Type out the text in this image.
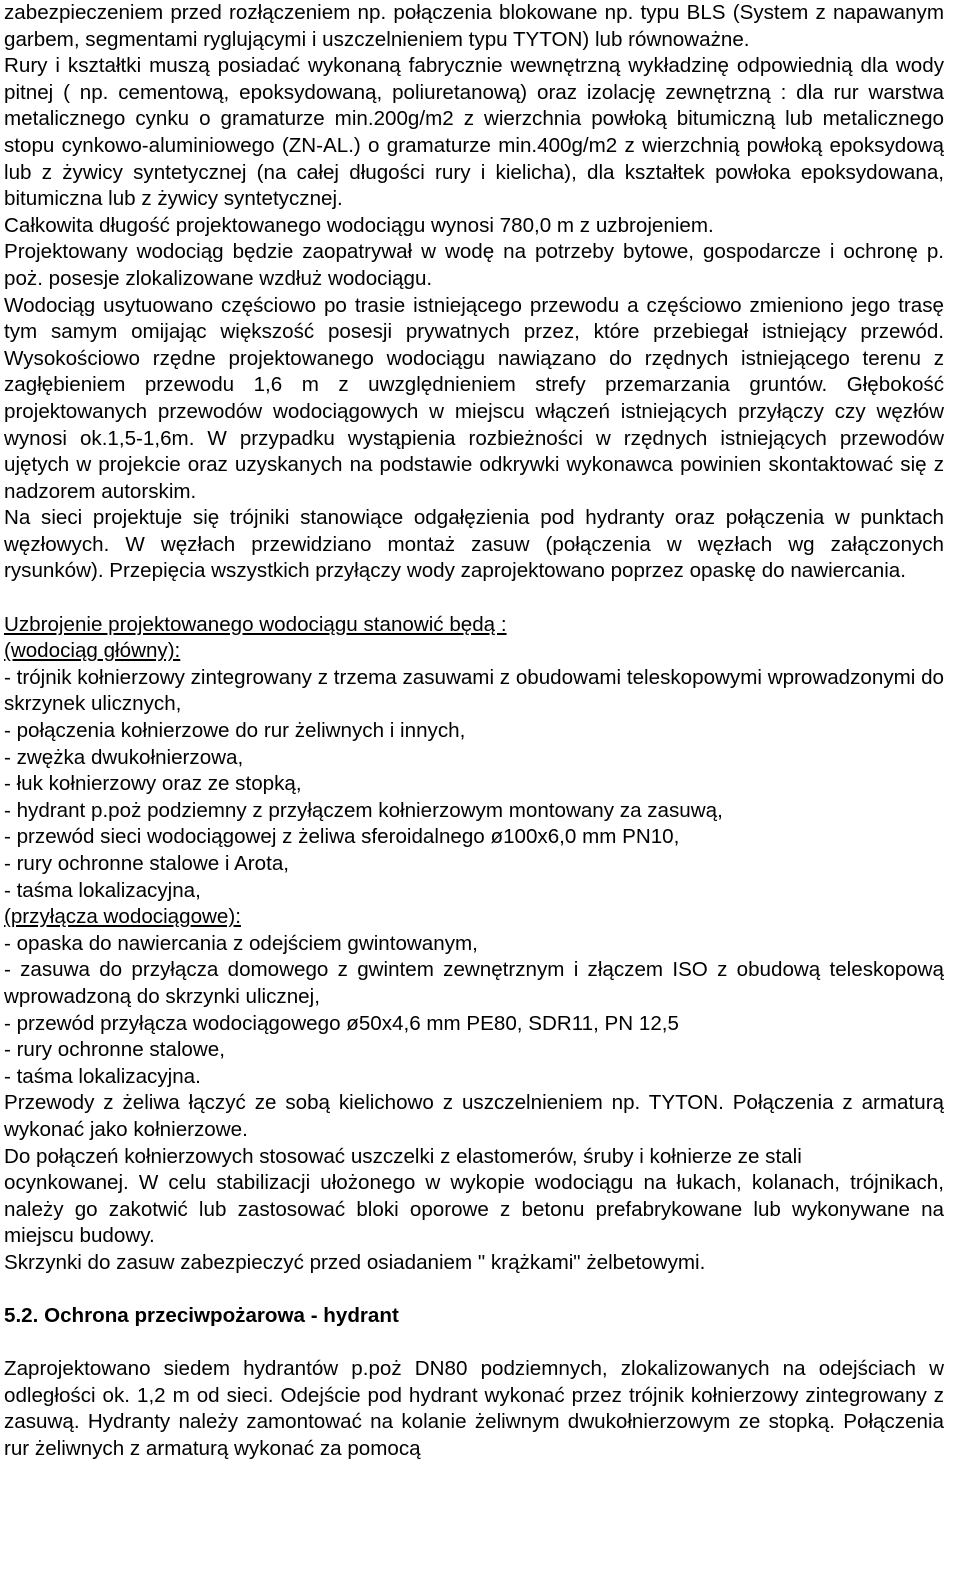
zabezpieczeniem przed rozłączeniem np. połączenia blokowane np. typu BLS (System z napawanym garbem, segmentami ryglującymi i uszczelnieniem typu TYTON) lub równoważne.

Rury i kształtki muszą posiadać wykonaną fabrycznie wewnętrzną wykładzinę odpowiednią dla wody pitnej ( np. cementową, epoksydowaną, poliuretanową) oraz izolację zewnętrzną : dla rur warstwa metalicznego cynku o gramaturze min.200g/m2 z wierzchnia powłoką bitumiczną lub metalicznego stopu cynkowo-aluminiowego (ZN-AL.) o gramaturze min.400g/m2 z wierzchnią powłoką epoksydową lub z żywicy syntetycznej (na całej długości rury i kielicha), dla kształtek powłoka epoksydowana, bitumiczna lub z żywicy syntetycznej.

Całkowita długość projektowanego wodociągu wynosi 780,0 m z uzbrojeniem.

Projektowany wodociąg będzie zaopatrywał w wodę na potrzeby bytowe, gospodarcze i ochronę p. poż. posesje zlokalizowane wzdłuż wodociągu.

Wodociąg usytuowano częściowo po trasie istniejącego przewodu a częściowo zmieniono jego trasę tym samym omijając większość posesji prywatnych przez, które przebiegał istniejący przewód. Wysokościowo rzędne projektowanego wodociągu nawiązano do rzędnych istniejącego terenu z zagłębieniem przewodu 1,6 m z uwzględnieniem strefy przemarzania gruntów. Głębokość projektowanych przewodów wodociągowych w miejscu włączeń istniejących przyłączy czy węzłów wynosi ok.1,5-1,6m. W przypadku wystąpienia rozbieżności w rzędnych istniejących przewodów ujętych w projekcie oraz uzyskanych na podstawie odkrywki wykonawca powinien skontaktować się z nadzorem autorskim.

Na sieci projektuje się trójniki stanowiące odgałęzienia pod hydranty oraz połączenia w punktach węzłowych. W węzłach przewidziano montaż zasuw (połączenia w węzłach wg załączonych rysunków). Przepięcia wszystkich przyłączy wody zaprojektowano poprzez opaskę do nawiercania.

Uzbrojenie projektowanego wodociągu stanowić będą :

(wodociąg główny):

- trójnik kołnierzowy zintegrowany z trzema zasuwami z obudowami teleskopowymi wprowadzonymi do skrzynek ulicznych,

- połączenia kołnierzowe do rur żeliwnych i innych,

- zwężka dwukołnierzowa,

- łuk kołnierzowy oraz ze stopką,

- hydrant p.poż podziemny z przyłączem kołnierzowym montowany za zasuwą,

- przewód sieci wodociągowej z żeliwa sferoidalnego ø100x6,0 mm PN10,

- rury ochronne stalowe i Arota,

- taśma lokalizacyjna,

(przyłącza wodociągowe):

- opaska do nawiercania z odejściem gwintowanym,

- zasuwa do przyłącza domowego z gwintem zewnętrznym i złączem ISO z obudową teleskopową wprowadzoną do skrzynki ulicznej,

- przewód przyłącza wodociągowego ø50x4,6 mm PE80, SDR11, PN 12,5

- rury ochronne stalowe,

- taśma lokalizacyjna.

Przewody z żeliwa łączyć ze sobą kielichowo z uszczelnieniem np. TYTON. Połączenia z armaturą wykonać jako kołnierzowe.

Do połączeń kołnierzowych stosować uszczelki z elastomerów, śruby i kołnierze ze stali

ocynkowanej. W celu stabilizacji ułożonego w wykopie wodociągu na łukach, kolanach, trójnikach, należy go zakotwić lub zastosować bloki oporowe z betonu prefabrykowane lub wykonywane na miejscu budowy.

Skrzynki do zasuw zabezpieczyć przed osiadaniem " krążkami" żelbetowymi.

5.2. Ochrona przeciwpożarowa - hydrant

Zaprojektowano siedem hydrantów p.poż DN80 podziemnych, zlokalizowanych na odejściach w odległości ok. 1,2 m od sieci. Odejście pod hydrant wykonać przez trójnik kołnierzowy zintegrowany z zasuwą. Hydranty należy zamontować na kolanie żeliwnym dwukołnierzowym ze stopką. Połączenia rur żeliwnych z armaturą wykonać za pomocą
